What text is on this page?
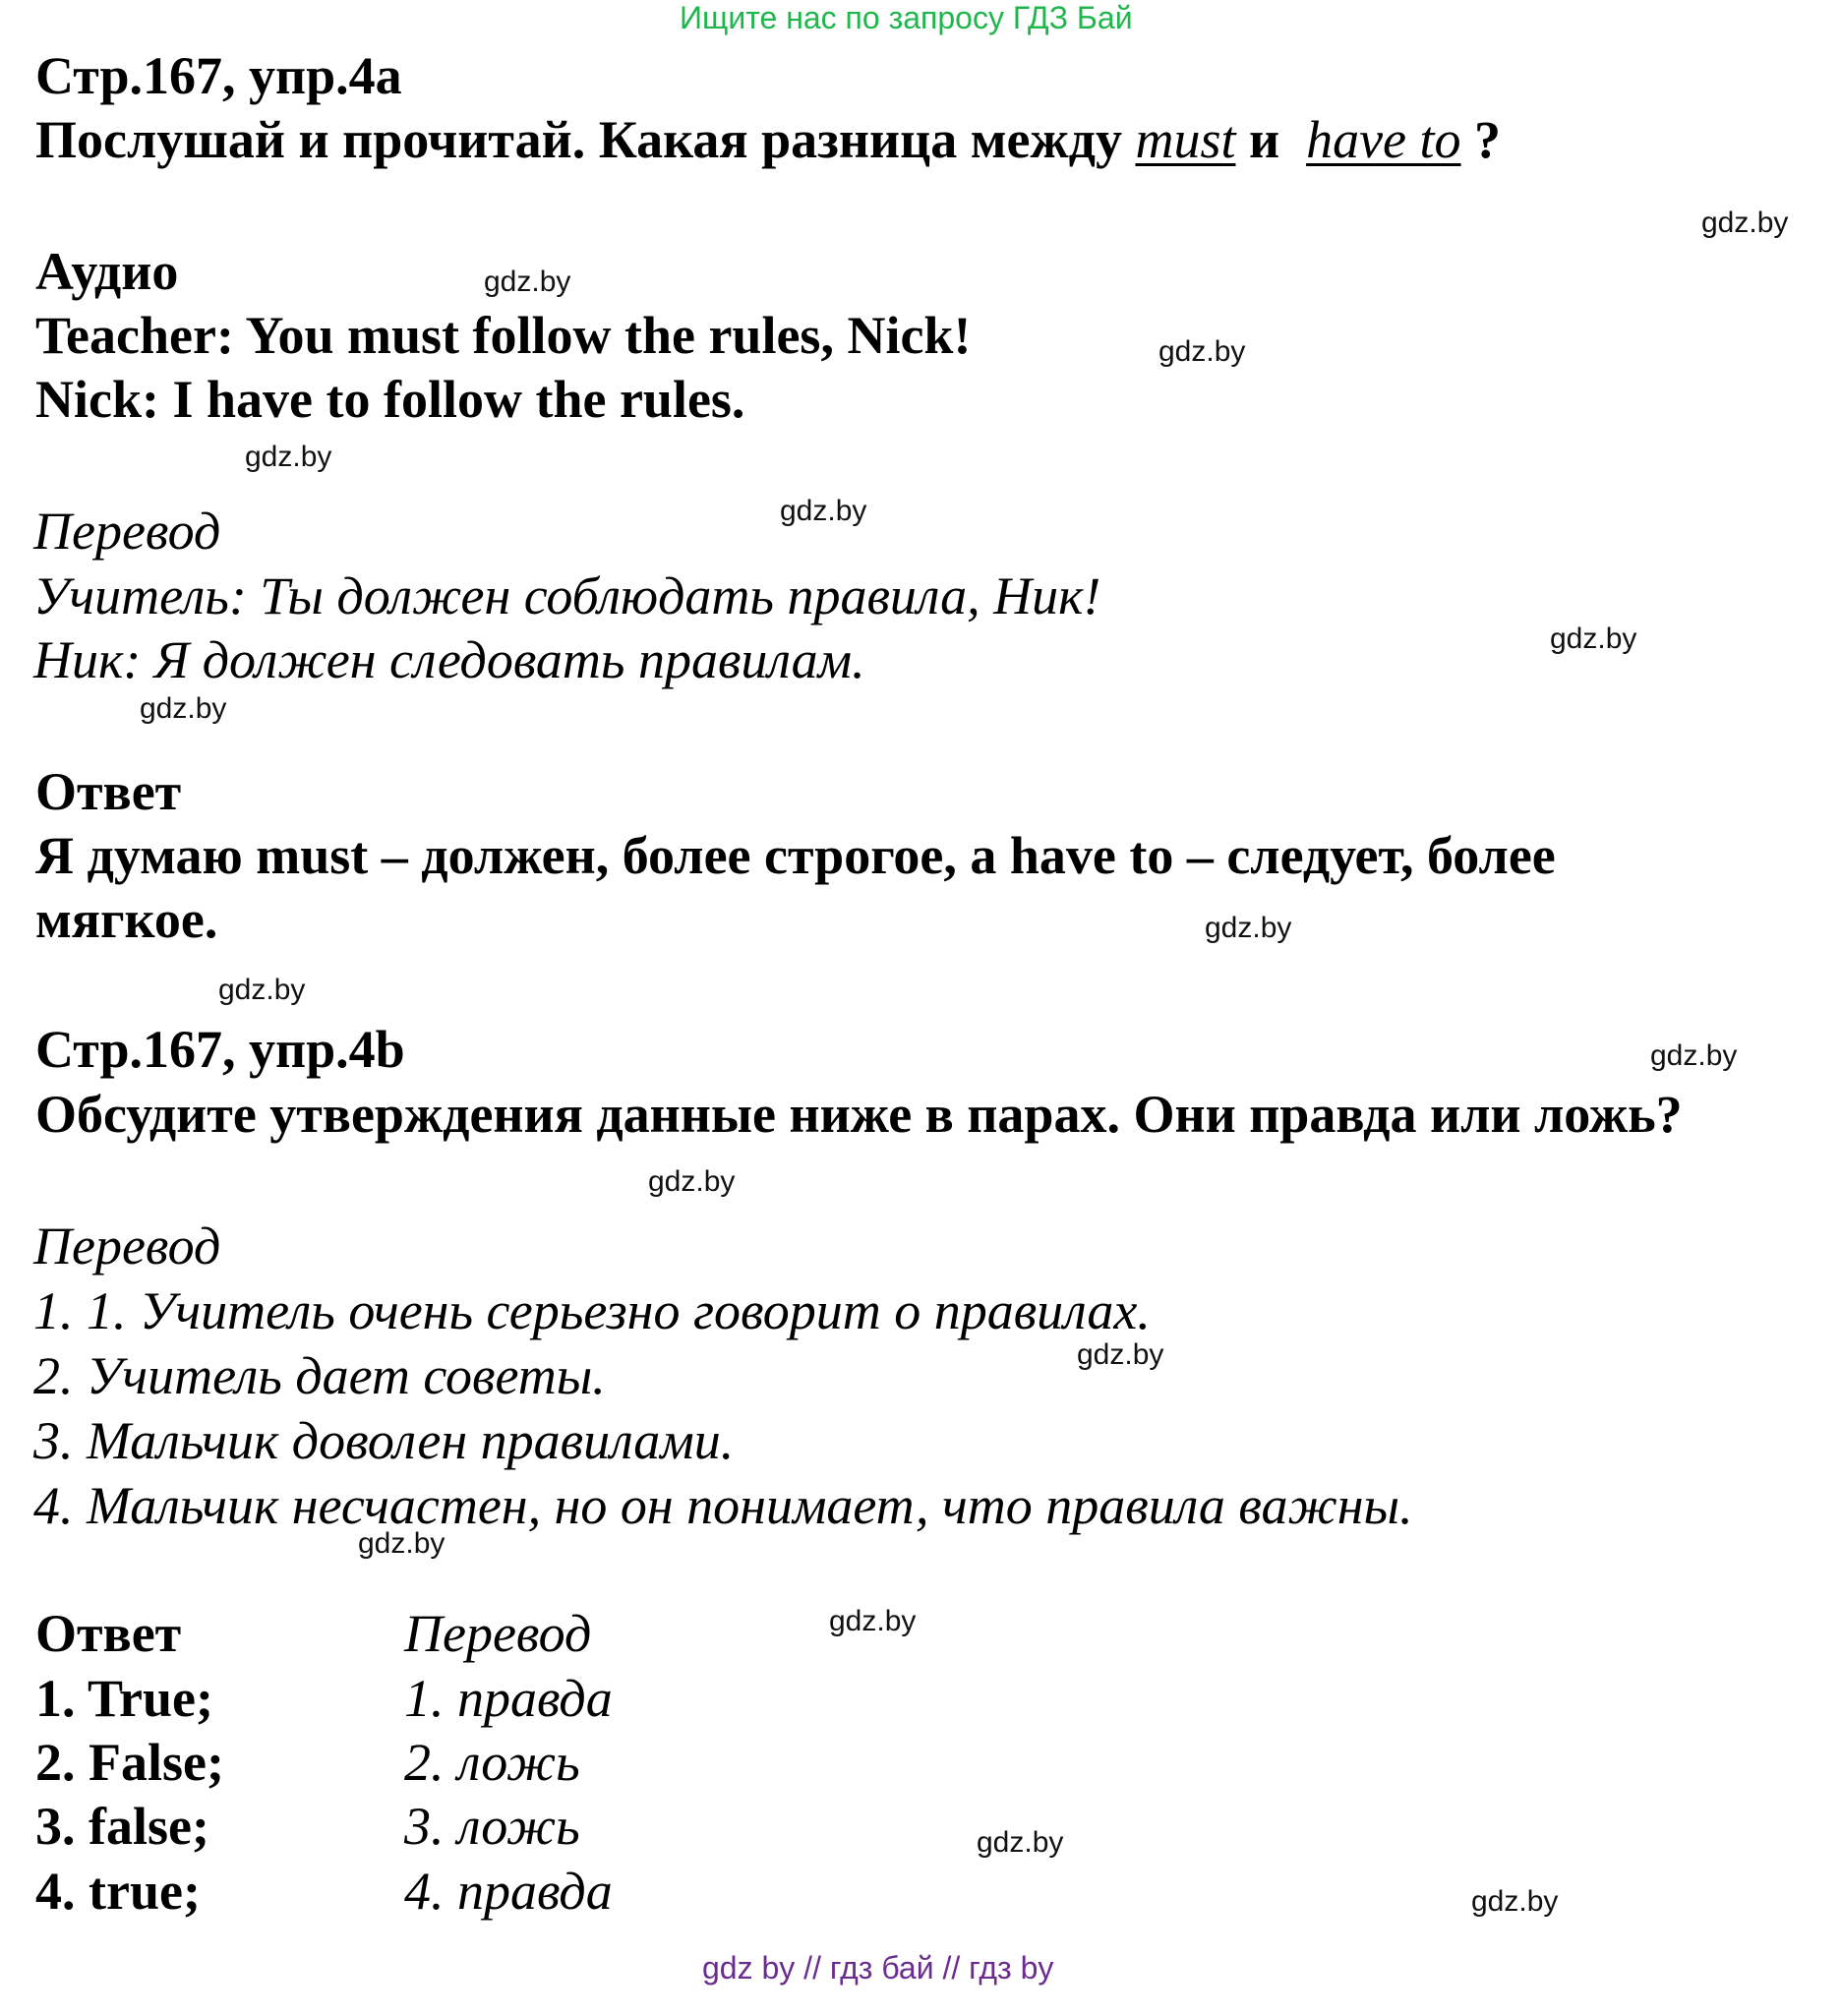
Ищите нас по запросу ГДЗ Бай
Стр.167, упр.4a
Послушай и прочитай. Какая разница между must и have to ?
Аудио
Teacher: You must follow the rules, Nick!
Nick: I have to follow the rules.
Перевод
Учитель: Ты должен соблюдать правила, Ник!
Ник: Я должен следовать правилам.
Ответ
Я думаю must – должен, более строгое, а have to – следует, более
мягкое.
Стр.167, упр.4b
Обсудите утверждения данные ниже в парах. Они правда или ложь?
Перевод
1. 1. Учитель очень серьезно говорит о правилах.
2. Учитель дает советы.
3. Мальчик доволен правилами.
4. Мальчик несчастен, но он понимает, что правила важны.
Ответ	Перевод
1. True;
2. False;
3. false;
4. true;
1. правда
2. ложь
3. ложь
4. правда
gdz.by
gdz.by
gdz.by
gdz.by
gdz.by
gdz.by
gdz.by
gdz.by
gdz.by
gdz.by
gdz.by
gdz.by
gdz.by
gdz.by
gdz.by
gdz.by
gdz by // гдз бай // гдз by
